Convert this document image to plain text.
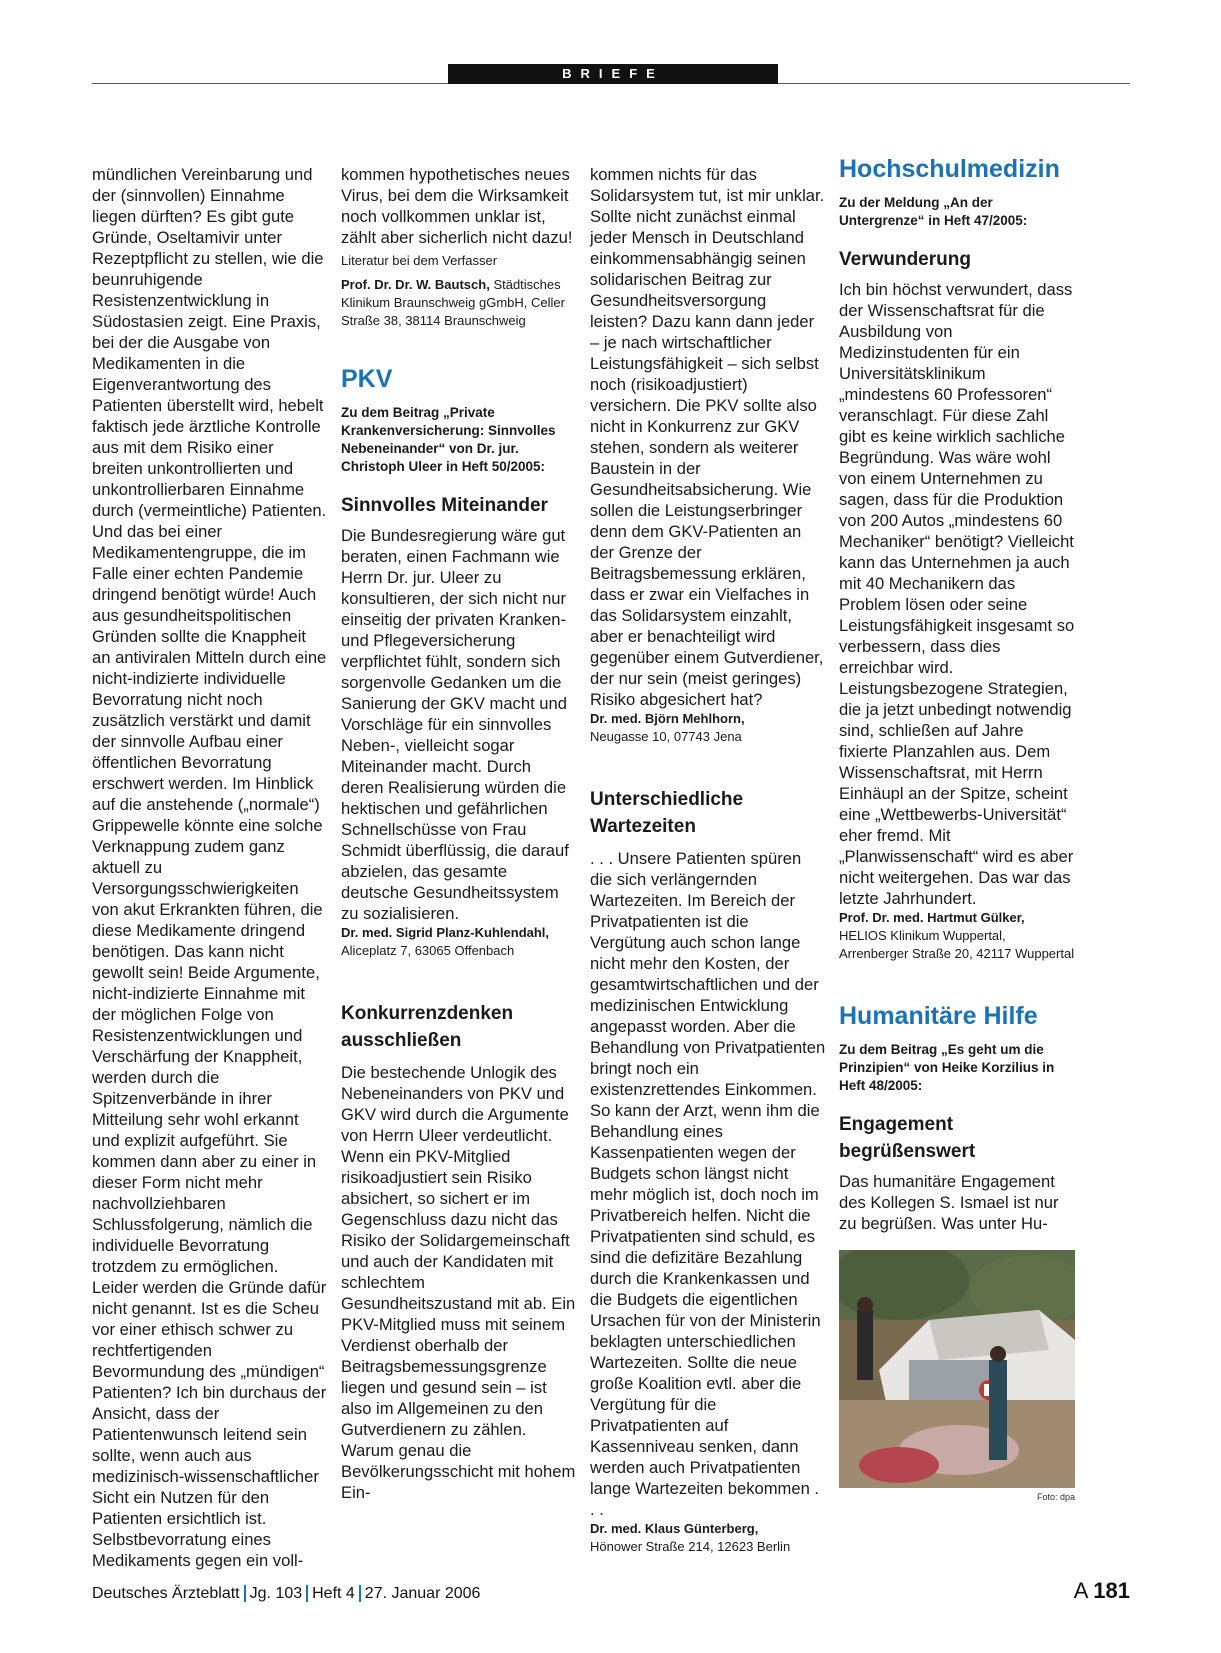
BRIEFE

mündlichen Vereinbarung und der (sinnvollen) Einnahme liegen dürften? Es gibt gute Gründe, Oseltamivir unter Rezeptpflicht zu stellen, wie die beunruhigende Resistenzentwicklung in Südostasien zeigt. Eine Praxis, bei der die Ausgabe von Medikamenten in die Eigenverantwortung des Patienten überstellt wird, hebelt faktisch jede ärztliche Kontrolle aus mit dem Risiko einer breiten unkontrollierten und unkontrollierbaren Einnahme durch (vermeintliche) Patienten. Und das bei einer Medikamentengruppe, die im Falle einer echten Pandemie dringend benötigt würde! Auch aus gesundheitspolitischen Gründen sollte die Knappheit an antiviralen Mitteln durch eine nicht-indizierte individuelle Bevorratung nicht noch zusätzlich verstärkt und damit der sinnvolle Aufbau einer öffentlichen Bevorratung erschwert werden. Im Hinblick auf die anstehende („normale“) Grippewelle könnte eine solche Verknappung zudem ganz aktuell zu Versorgungsschwierigkeiten von akut Erkrankten führen, die diese Medikamente dringend benötigen. Das kann nicht gewollt sein! Beide Argumente, nicht-indizierte Einnahme mit der möglichen Folge von Resistenzentwicklungen und Verschärfung der Knappheit, werden durch die Spitzenverbände in ihrer Mitteilung sehr wohl erkannt und explizit aufgeführt. Sie kommen dann aber zu einer in dieser Form nicht mehr nachvollziehbaren Schlussfolgerung, nämlich die individuelle Bevorratung trotzdem zu ermöglichen. Leider werden die Gründe dafür nicht genannt. Ist es die Scheu vor einer ethisch schwer zu rechtfertigenden Bevormundung des „mündigen“ Patienten? Ich bin durchaus der Ansicht, dass der Patientenwunsch leitend sein sollte, wenn auch aus medizinisch-wissenschaftlicher Sicht ein Nutzen für den Patienten ersichtlich ist. Selbstbevorratung eines Medikaments gegen ein voll-

kommen hypothetisches neues Virus, bei dem die Wirksamkeit noch vollkommen unklar ist, zählt aber sicherlich nicht dazu!

Literatur bei dem Verfasser
Prof. Dr. Dr. W. Bautsch, Städtisches Klinikum Braunschweig gGmbH, Celler Straße 38, 38114 Braunschweig
PKV
Zu dem Beitrag „Private Krankenversicherung: Sinnvolles Nebeneinander“ von Dr. jur. Christoph Uleer in Heft 50/2005:
Sinnvolles Miteinander

Die Bundesregierung wäre gut beraten, einen Fachmann wie Herrn Dr. jur. Uleer zu konsultieren, der sich nicht nur einseitig der privaten Kranken- und Pflegeversicherung verpflichtet fühlt, sondern sich sorgenvolle Gedanken um die Sanierung der GKV macht und Vorschläge für ein sinnvolles Neben-, vielleicht sogar Miteinander macht. Durch deren Realisierung würden die hektischen und gefährlichen Schnellschüsse von Frau Schmidt überflüssig, die darauf abzielen, das gesamte deutsche Gesundheitssystem zu sozialisieren.

Dr. med. Sigrid Planz-Kuhlendahl,
Aliceplatz 7, 63065 Offenbach
Konkurrenzdenken ausschließen

Die bestechende Unlogik des Nebeneinanders von PKV und GKV wird durch die Argumente von Herrn Uleer verdeutlicht. Wenn ein PKV-Mitglied risikoadjustiert sein Risiko absichert, so sichert er im Gegenschluss dazu nicht das Risiko der Solidargemeinschaft und auch der Kandidaten mit schlechtem Gesundheitszustand mit ab. Ein PKV-Mitglied muss mit seinem Verdienst oberhalb der Beitragsbemessungsgrenze liegen und gesund sein – ist also im Allgemeinen zu den Gutverdienern zu zählen. Warum genau die Bevölkerungsschicht mit hohem Ein-

kommen nichts für das Solidarsystem tut, ist mir unklar. Sollte nicht zunächst einmal jeder Mensch in Deutschland einkommensabhängig seinen solidarischen Beitrag zur Gesundheitsversorgung leisten? Dazu kann dann jeder – je nach wirtschaftlicher Leistungsfähigkeit – sich selbst noch (risikoadjustiert) versichern. Die PKV sollte also nicht in Konkurrenz zur GKV stehen, sondern als weiterer Baustein in der Gesundheitsabsicherung. Wie sollen die Leistungserbringer denn dem GKV-Patienten an der Grenze der Beitragsbemessung erklären, dass er zwar ein Vielfaches in das Solidarsystem einzahlt, aber er benachteiligt wird gegenüber einem Gutverdiener, der nur sein (meist geringes) Risiko abgesichert hat?

Dr. med. Björn Mehlhorn,
Neugasse 10, 07743 Jena
Unterschiedliche Wartezeiten

. . . Unsere Patienten spüren die sich verlängernden Wartezeiten. Im Bereich der Privatpatienten ist die Vergütung auch schon lange nicht mehr den Kosten, der gesamtwirtschaftlichen und der medizinischen Entwicklung angepasst worden. Aber die Behandlung von Privatpatienten bringt noch ein existenzrettendes Einkommen. So kann der Arzt, wenn ihm die Behandlung eines Kassenpatienten wegen der Budgets schon längst nicht mehr möglich ist, doch noch im Privatbereich helfen. Nicht die Privatpatienten sind schuld, es sind die defizitäre Bezahlung durch die Krankenkassen und die Budgets die eigentlichen Ursachen für von der Ministerin beklagten unterschiedlichen Wartezeiten. Sollte die neue große Koalition evtl. aber die Vergütung für die Privatpatienten auf Kassenniveau senken, dann werden auch Privatpatienten lange Wartezeiten bekommen . . .

Dr. med. Klaus Günterberg,
Hönower Straße 214, 12623 Berlin
Hochschulmedizin
Zu der Meldung „An der Untergrenze“ in Heft 47/2005:
Verwunderung

Ich bin höchst verwundert, dass der Wissenschaftsrat für die Ausbildung von Medizinstudenten für ein Universitätsklinikum „mindestens 60 Professoren“ veranschlagt. Für diese Zahl gibt es keine wirklich sachliche Begründung. Was wäre wohl von einem Unternehmen zu sagen, dass für die Produktion von 200 Autos „mindestens 60 Mechaniker“ benötigt? Vielleicht kann das Unternehmen ja auch mit 40 Mechanikern das Problem lösen oder seine Leistungsfähigkeit insgesamt so verbessern, dass dies erreichbar wird. Leistungsbezogene Strategien, die ja jetzt unbedingt notwendig sind, schließen auf Jahre fixierte Planzahlen aus. Dem Wissenschaftsrat, mit Herrn Einhäupl an der Spitze, scheint eine „Wettbewerbs-Universität“ eher fremd. Mit „Planwissenschaft“ wird es aber nicht weitergehen. Das war das letzte Jahrhundert.

Prof. Dr. med. Hartmut Gülker,
HELIOS Klinikum Wuppertal, Arrenberger Straße 20, 42117 Wuppertal
Humanitäre Hilfe
Zu dem Beitrag „Es geht um die Prinzipien“ von Heike Korzilius in Heft 48/2005:
Engagement begrüßenswert

Das humanitäre Engagement des Kollegen S. Ismael ist nur zu begrüßen. Was unter Hu-

Foto: dpa
Deutsches Ärzteblatt Jg. 103 Heft 4 27. Januar 2006	A 181
